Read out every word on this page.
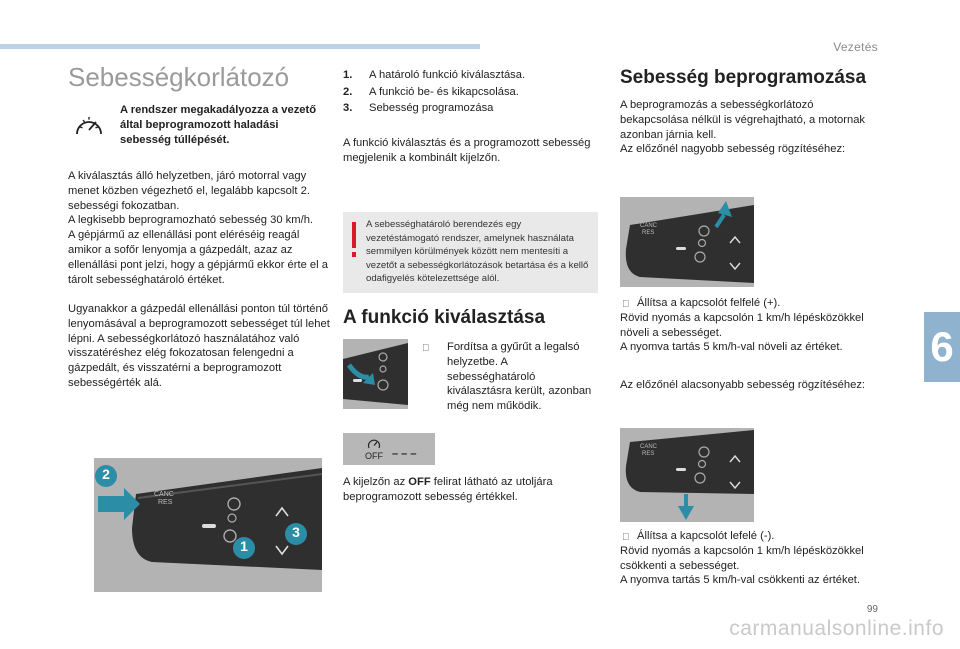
Vezetés
6
99
carmanualsonline.info
Sebességkorlátozó

A rendszer megakadályozza a vezető által beprogramozott haladási sebesség túllépését.

A kiválasztás álló helyzetben, járó motorral vagy menet közben végezhető el, legalább kapcsolt 2. sebességi fokozatban.
A legkisebb beprogramozható sebesség 30 km/h.
A gépjármű az ellenállási pont eléréséig reagál amikor a sofőr lenyomja a gázpedált, azaz az ellenállási pont jelzi, hogy a gépjármű ekkor érte el a tárolt sebességhatároló értéket.

Ugyanakkor a gázpedál ellenállási ponton túl történő lenyomásával a beprogramozott sebességet túl lehet lépni. A sebességkorlátozó használatához való visszatéréshez elég fokozatosan felengedni a gázpedált, és visszatérni a beprogramozott sebességérték alá.

CANC
RES
2
1
3
1. A határoló funkció kiválasztása.
2. A funkció be- és kikapcsolása.
3. Sebesség programozása

A funkció kiválasztás és a programozott sebesség megjelenik a kombinált kijelzőn.

A sebességhatároló berendezés egy vezetéstámogató rendszer, amelynek használata semmilyen körülmények között nem mentesíti a vezetőt a sebességkorlátozások betartása és a kellő odafigyelés kötelezettsége alól.

A funkció kiválasztása

Fordítsa a gyűrűt a legalsó helyzetbe. A sebességhatároló kiválasztásra került, azonban még nem működik.

OFF – – –

A kijelzőn az OFF felirat látható az utoljára beprogramozott sebesség értékkel.

Sebesség beprogramozása

A beprogramozás a sebességkorlátozó bekapcsolása nélkül is végrehajtható, a motornak azonban járnia kell.
Az előzőnél nagyobb sebesség rögzítéséhez:

CANC
RES

Állítsa a kapcsolót felfelé (+).
Rövid nyomás a kapcsolón 1 km/h lépésközökkel növeli a sebességet.
A nyomva tartás 5 km/h-val növeli az értéket.

Az előzőnél alacsonyabb sebesség rögzítéséhez:

CANC
RES

Állítsa a kapcsolót lefelé (-).
Rövid nyomás a kapcsolón 1 km/h lépésközökkel csökkenti a sebességet.
A nyomva tartás 5 km/h-val csökkenti az értéket.
